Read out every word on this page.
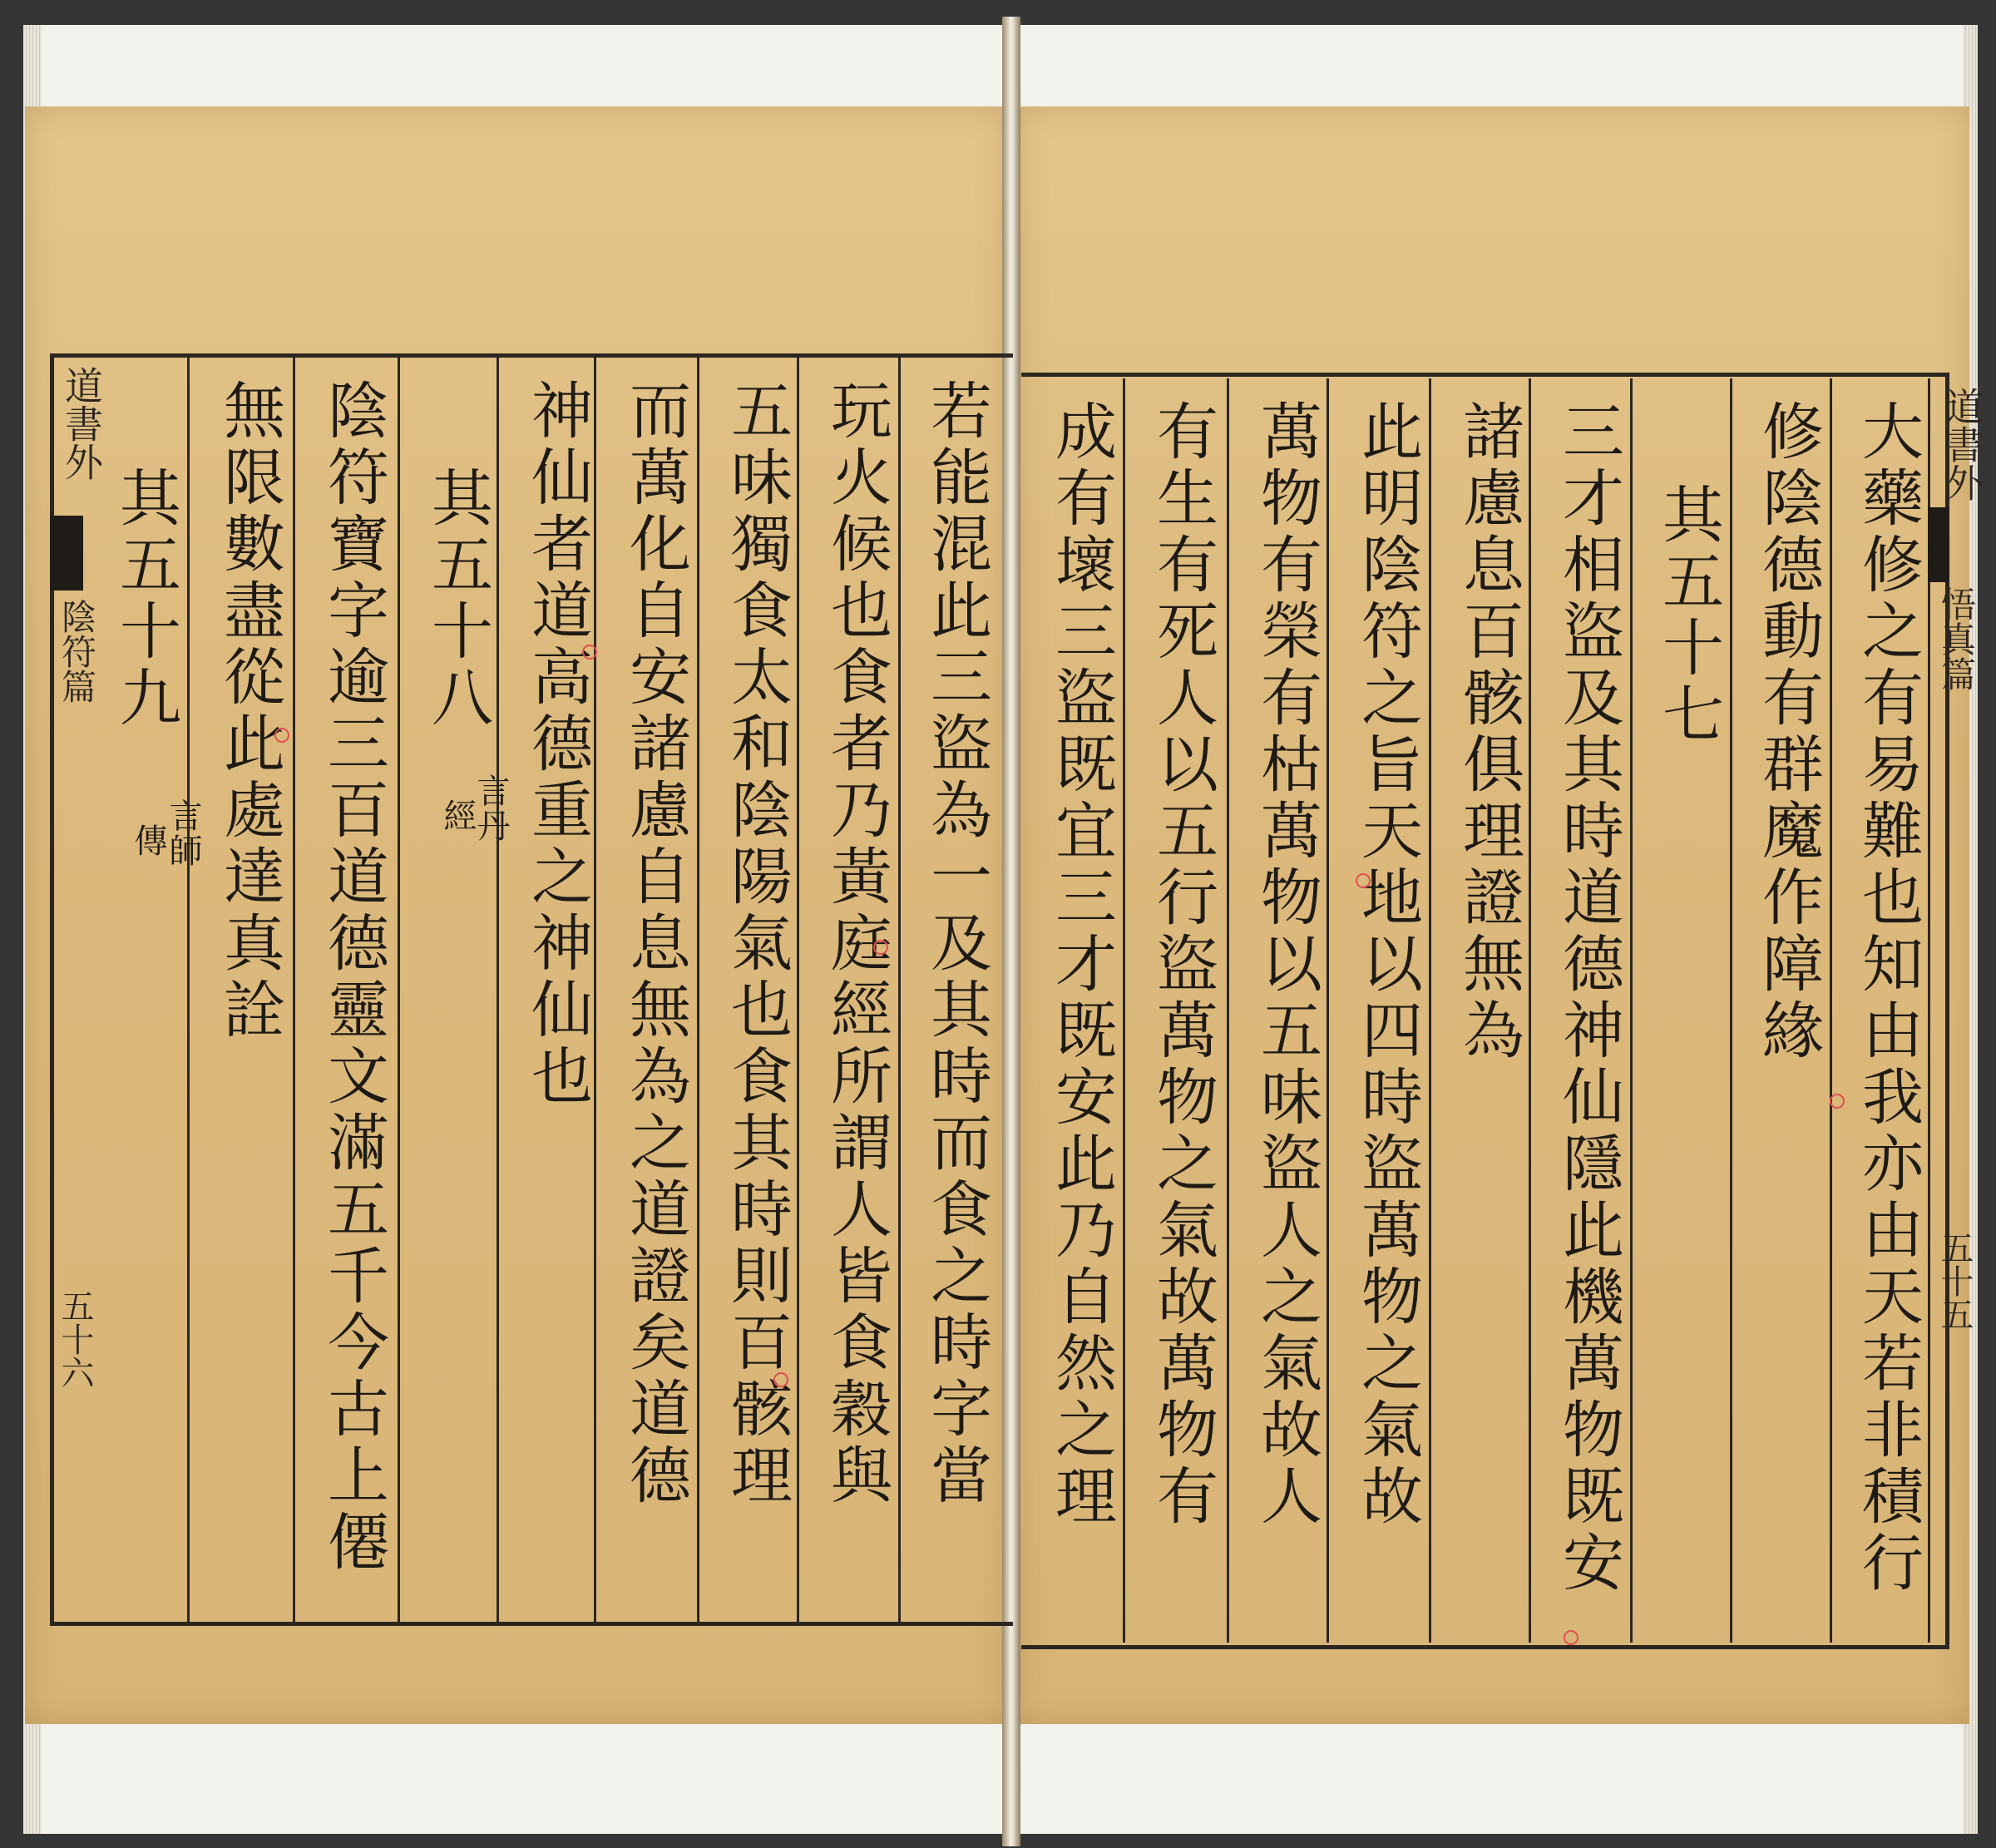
道書外
陰符篇
五十六	若能混此三盜為一及其時而食之時字當
玩火候也食者乃黃庭經所謂人皆食穀與
五味獨食太和陰陽氣也食其時則百骸理
而萬化自安諸慮自息無為之道證矣道德
神仙者道高德重之神仙也
其五十八
言丹
經
陰符寶字逾三百道德靈文滿五千今古上僊
無限數盡從此處達真詮
其五十九
言師
傳
道書外
悟真篇
五十五
大藥修之有易難也知由我亦由天若非積行
修陰德動有群魔作障緣
其五十七
三才相盜及其時道德神仙隱此機萬物既安
諸慮息百骸俱理證無為
此明陰符之旨天地以四時盜萬物之氣故
萬物有榮有枯萬物以五味盜人之氣故人
有生有死人以五行盜萬物之氣故萬物有
成有壞三盜既宜三才既安此乃自然之理
